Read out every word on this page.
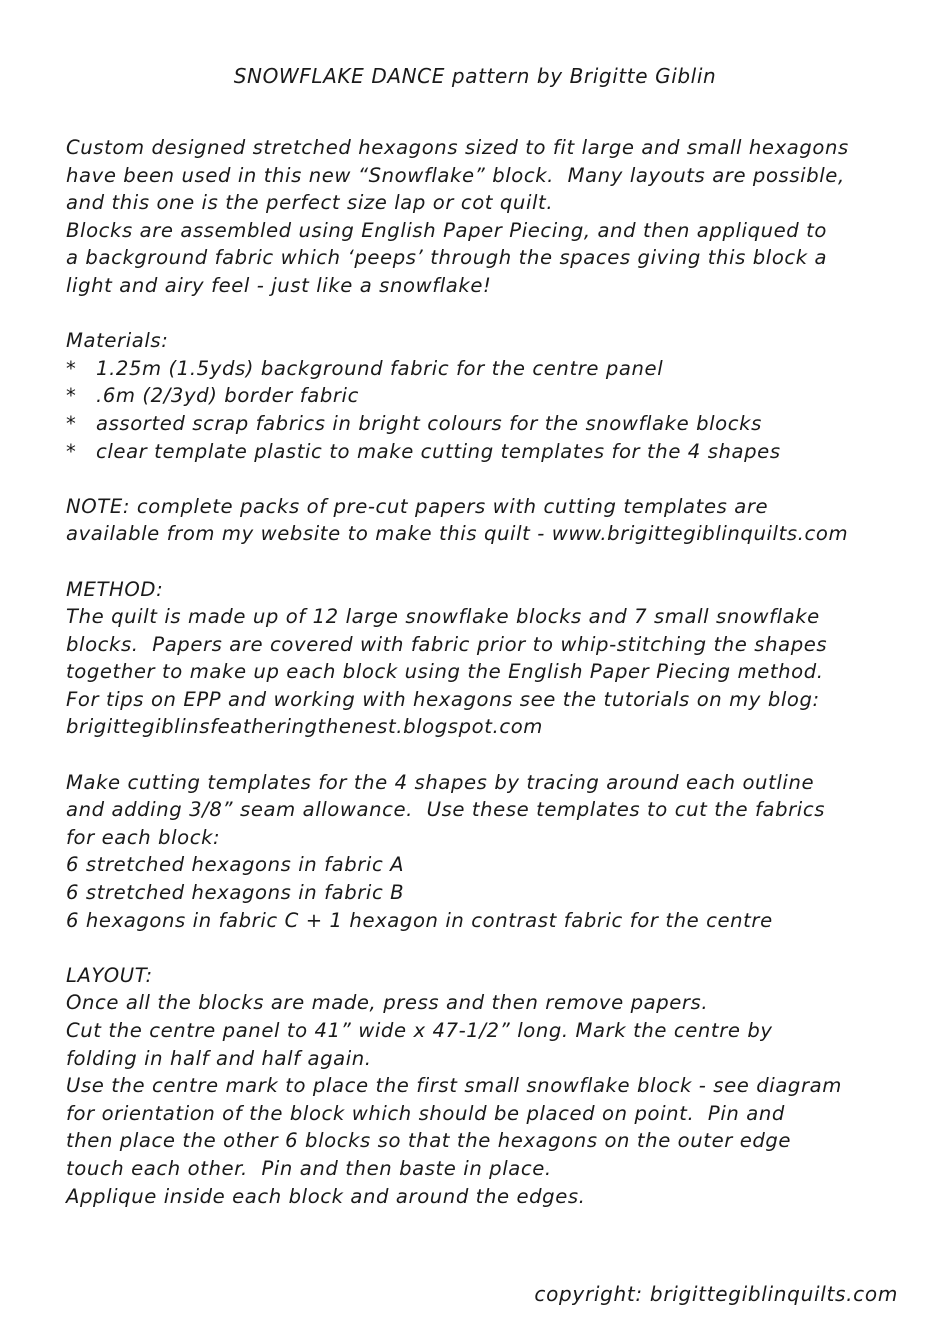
SNOWFLAKE DANCE pattern by Brigitte Giblin
Custom designed stretched hexagons sized to fit large and small hexagons
have been used in this new “Snowflake” block.  Many layouts are possible,
and this one is the perfect size lap or cot quilt.
Blocks are assembled using English Paper Piecing, and then appliqued to
a background fabric which ‘peeps’ through the spaces giving this block a
light and airy feel - just like a snowflake!
Materials:
* 1.25m (1.5yds) background fabric for the centre panel
* .6m (2/3yd) border fabric
* assorted scrap fabrics in bright colours for the snowflake blocks
* clear template plastic to make cutting templates for the 4 shapes
NOTE: complete packs of pre-cut papers with cutting templates are
available from my website to make this quilt - www.brigittegiblinquilts.com
METHOD:
The quilt is made up of 12 large snowflake blocks and 7 small snowflake
blocks.  Papers are covered with fabric prior to whip-stitching the shapes
together to make up each block using the English Paper Piecing method.
For tips on EPP and working with hexagons see the tutorials on my blog:
brigittegiblinsfeatheringthenest.blogspot.com
Make cutting templates for the 4 shapes by tracing around each outline
and adding 3/8” seam allowance.  Use these templates to cut the fabrics
for each block:
6 stretched hexagons in fabric A
6 stretched hexagons in fabric B
6 hexagons in fabric C + 1 hexagon in contrast fabric for the centre
LAYOUT:
Once all the blocks are made, press and then remove papers.
Cut the centre panel to 41” wide x 47-1/2” long. Mark the centre by
folding in half and half again.
Use the centre mark to place the first small snowflake block - see diagram
for orientation of the block which should be placed on point.  Pin and
then place the other 6 blocks so that the hexagons on the outer edge
touch each other.  Pin and then baste in place.
Applique inside each block and around the edges.
copyright: brigittegiblinquilts.com
